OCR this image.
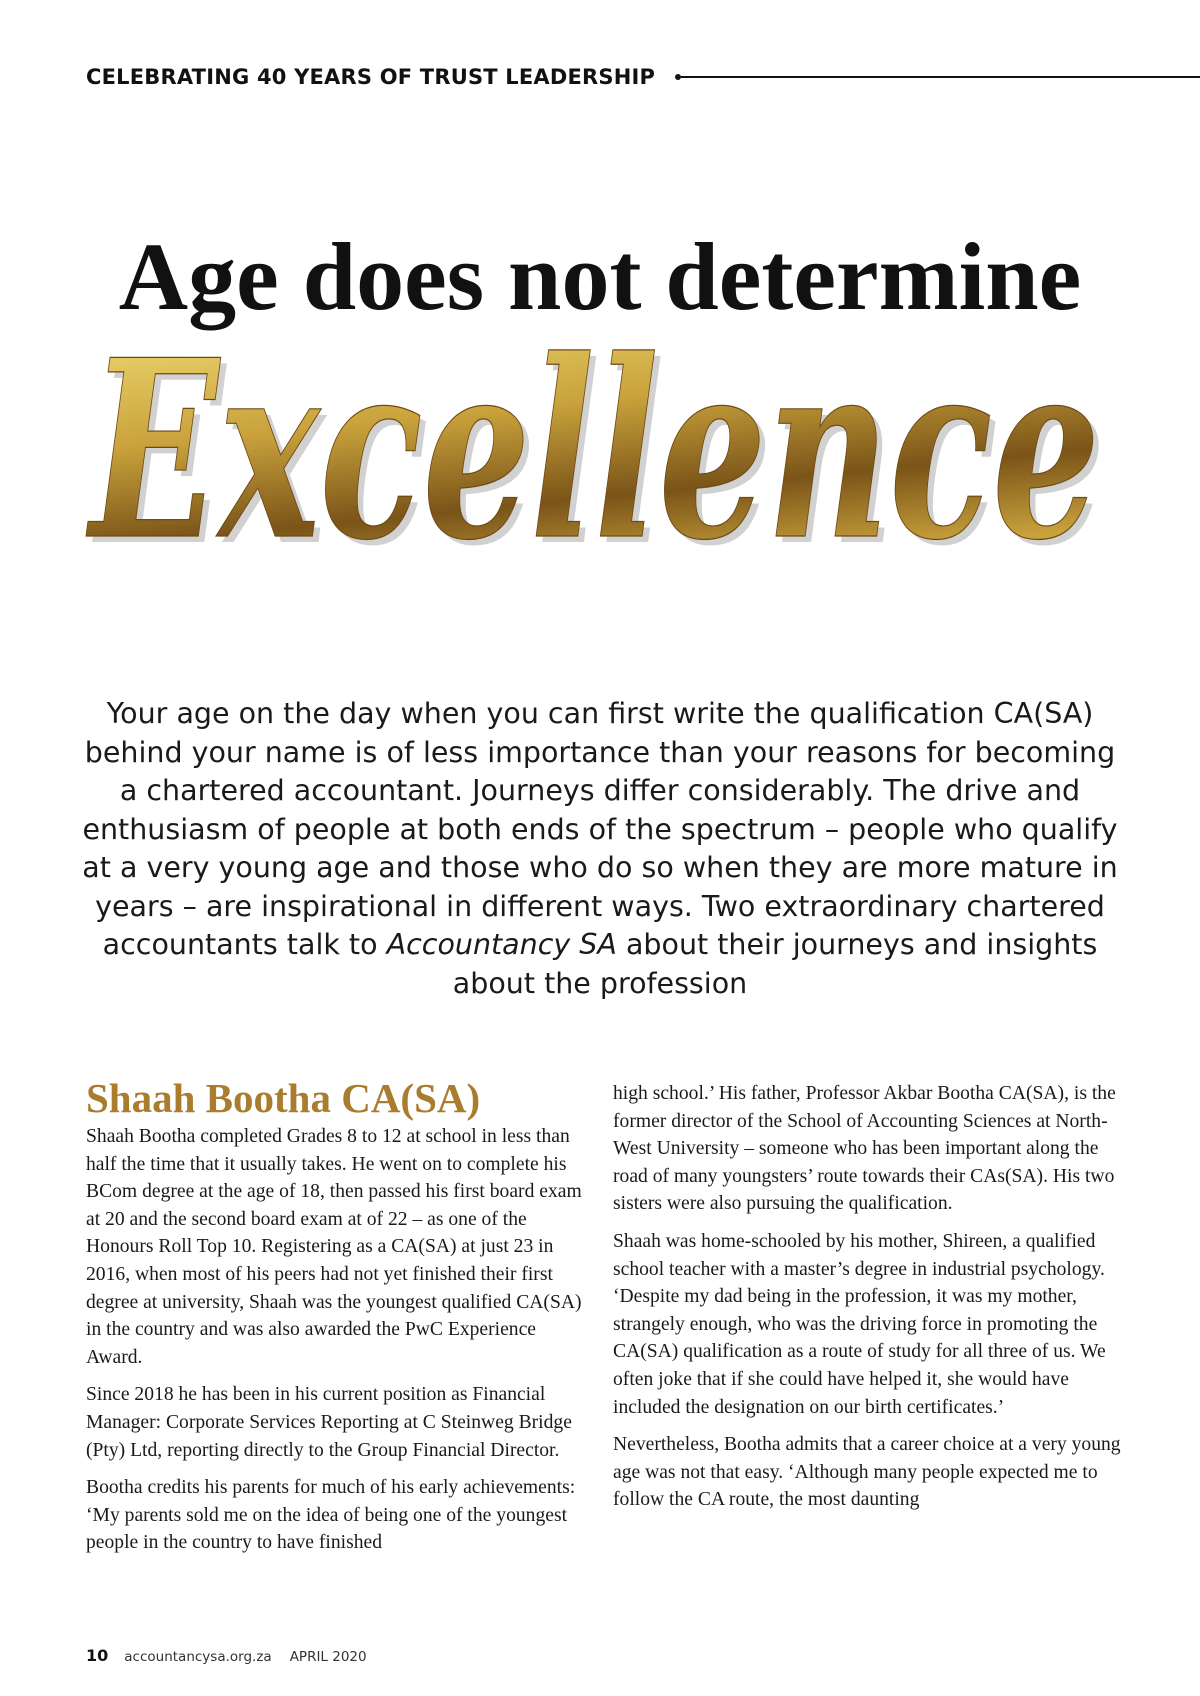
CELEBRATING 40 YEARS OF TRUST LEADERSHIP
Age does not determine
Excellence
Excellence

Your age on the day when you can first write the qualification CA(SA) behind your name is of less importance than your reasons for becoming a chartered accountant. Journeys differ considerably. The drive and enthusiasm of people at both ends of the spectrum – people who qualify at a very young age and those who do so when they are more mature in years – are inspirational in different ways. Two extraordinary chartered accountants talk to Accountancy SA about their journeys and insights about the profession

Shaah Bootha CA(SA)

Shaah Bootha completed Grades 8 to 12 at school in less than half the time that it usually takes. He went on to complete his BCom degree at the age of 18, then passed his first board exam at 20 and the second board exam at of 22 – as one of the Honours Roll Top 10. Registering as a CA(SA) at just 23 in 2016, when most of his peers had not yet finished their first degree at university, Shaah was the youngest qualified CA(SA) in the country and was also awarded the PwC Experience Award.

Since 2018 he has been in his current position as Financial Manager: Corporate Services Reporting at C Steinweg Bridge (Pty) Ltd, reporting directly to the Group Financial Director.

Bootha credits his parents for much of his early achievements: ‘My parents sold me on the idea of being one of the youngest people in the country to have finished

high school.’ His father, Professor Akbar Bootha CA(SA), is the former director of the School of Accounting Sciences at North-West University – someone who has been important along the road of many youngsters’ route towards their CAs(SA). His two sisters were also pursuing the qualification.

Shaah was home-schooled by his mother, Shireen, a qualified school teacher with a master’s degree in industrial psychology. ‘Despite my dad being in the profession, it was my mother, strangely enough, who was the driving force in promoting the CA(SA) qualification as a route of study for all three of us. We often joke that if she could have helped it, she would have included the designation on our birth certificates.’

Nevertheless, Bootha admits that a career choice at a very young age was not that easy. ‘Although many people expected me to follow the CA route, the most daunting

10 accountancysa.org.za APRIL 2020
